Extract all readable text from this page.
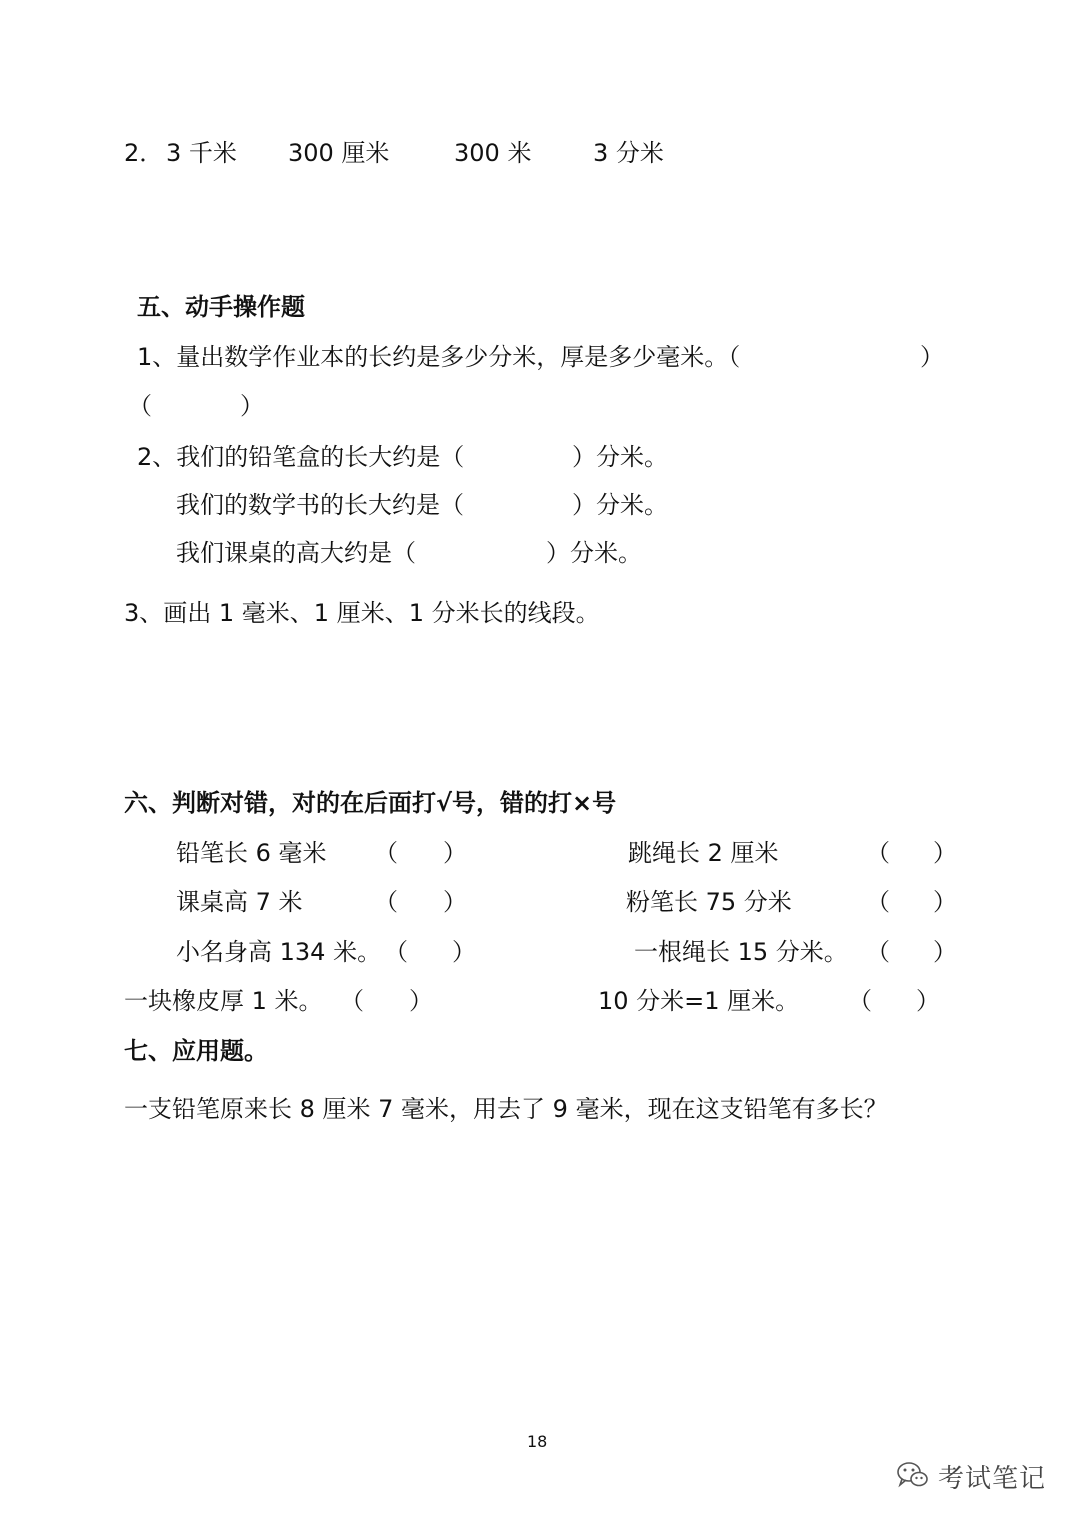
2． 3 千米 300 厘米	300 米	3 分米
五、动手操作题
1、量出数学作业本的长约是多少分米，厚是多少毫米。（	）
（	）
2、我们的铅笔盒的长大约是（	）分米。
我们的数学书的长大约是（	）分米。
我们课桌的高大约是（	）分米。
3、画出 1 毫米、1 厘米、1 分米长的线段。
六、判断对错，对的在后面打√号，错的打×号
铅笔长 6 毫米 （ ）	跳绳长 2 厘米	（ ）
课桌高 7 米	（ ）	粉笔长 75 分米	（ ）
小名身高 134 米。 （ ）	一根绳长 15 分米。 （ ）
一块橡皮厚 1 米。 （ ）	10 分米=1 厘米。 （ ）
七、应用题。
一支铅笔原来长 8 厘米 7 毫米，用去了 9 毫米，现在这支铅笔有多长？
18
考试笔记
